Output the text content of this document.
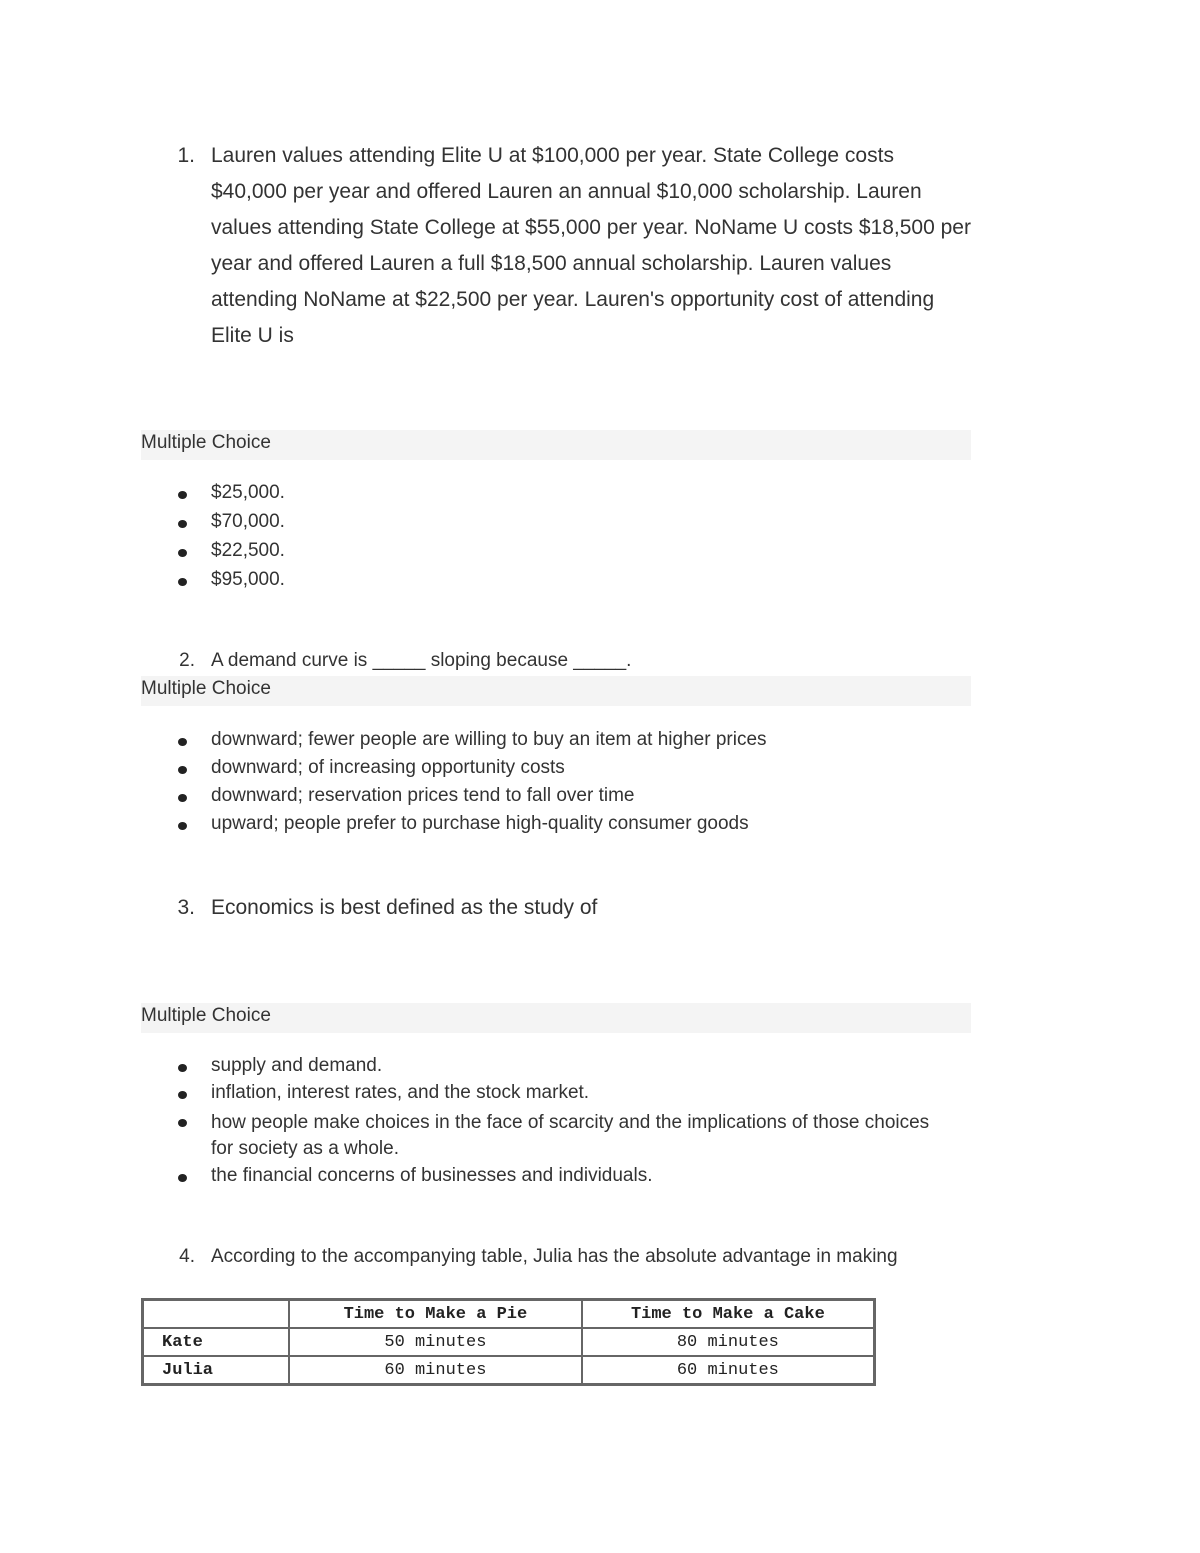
1. Lauren values attending Elite U at $100,000 per year. State College costs $40,000 per year and offered Lauren an annual $10,000 scholarship. Lauren values attending State College at $55,000 per year. NoName U costs $18,500 per year and offered Lauren a full $18,500 annual scholarship. Lauren values attending NoName at $22,500 per year. Lauren's opportunity cost of attending Elite U is
Multiple Choice
$25,000.
$70,000.
$22,500.
$95,000.
2. A demand curve is _____ sloping because _____.
Multiple Choice
downward; fewer people are willing to buy an item at higher prices
downward; of increasing opportunity costs
downward; reservation prices tend to fall over time
upward; people prefer to purchase high-quality consumer goods
3. Economics is best defined as the study of
Multiple Choice
supply and demand.
inflation, interest rates, and the stock market.
how people make choices in the face of scarcity and the implications of those choices for society as a whole.
the financial concerns of businesses and individuals.
4. According to the accompanying table, Julia has the absolute advantage in making
	Time to Make a Pie	Time to Make a Cake
Kate	50 minutes	80 minutes
Julia	60 minutes	60 minutes
